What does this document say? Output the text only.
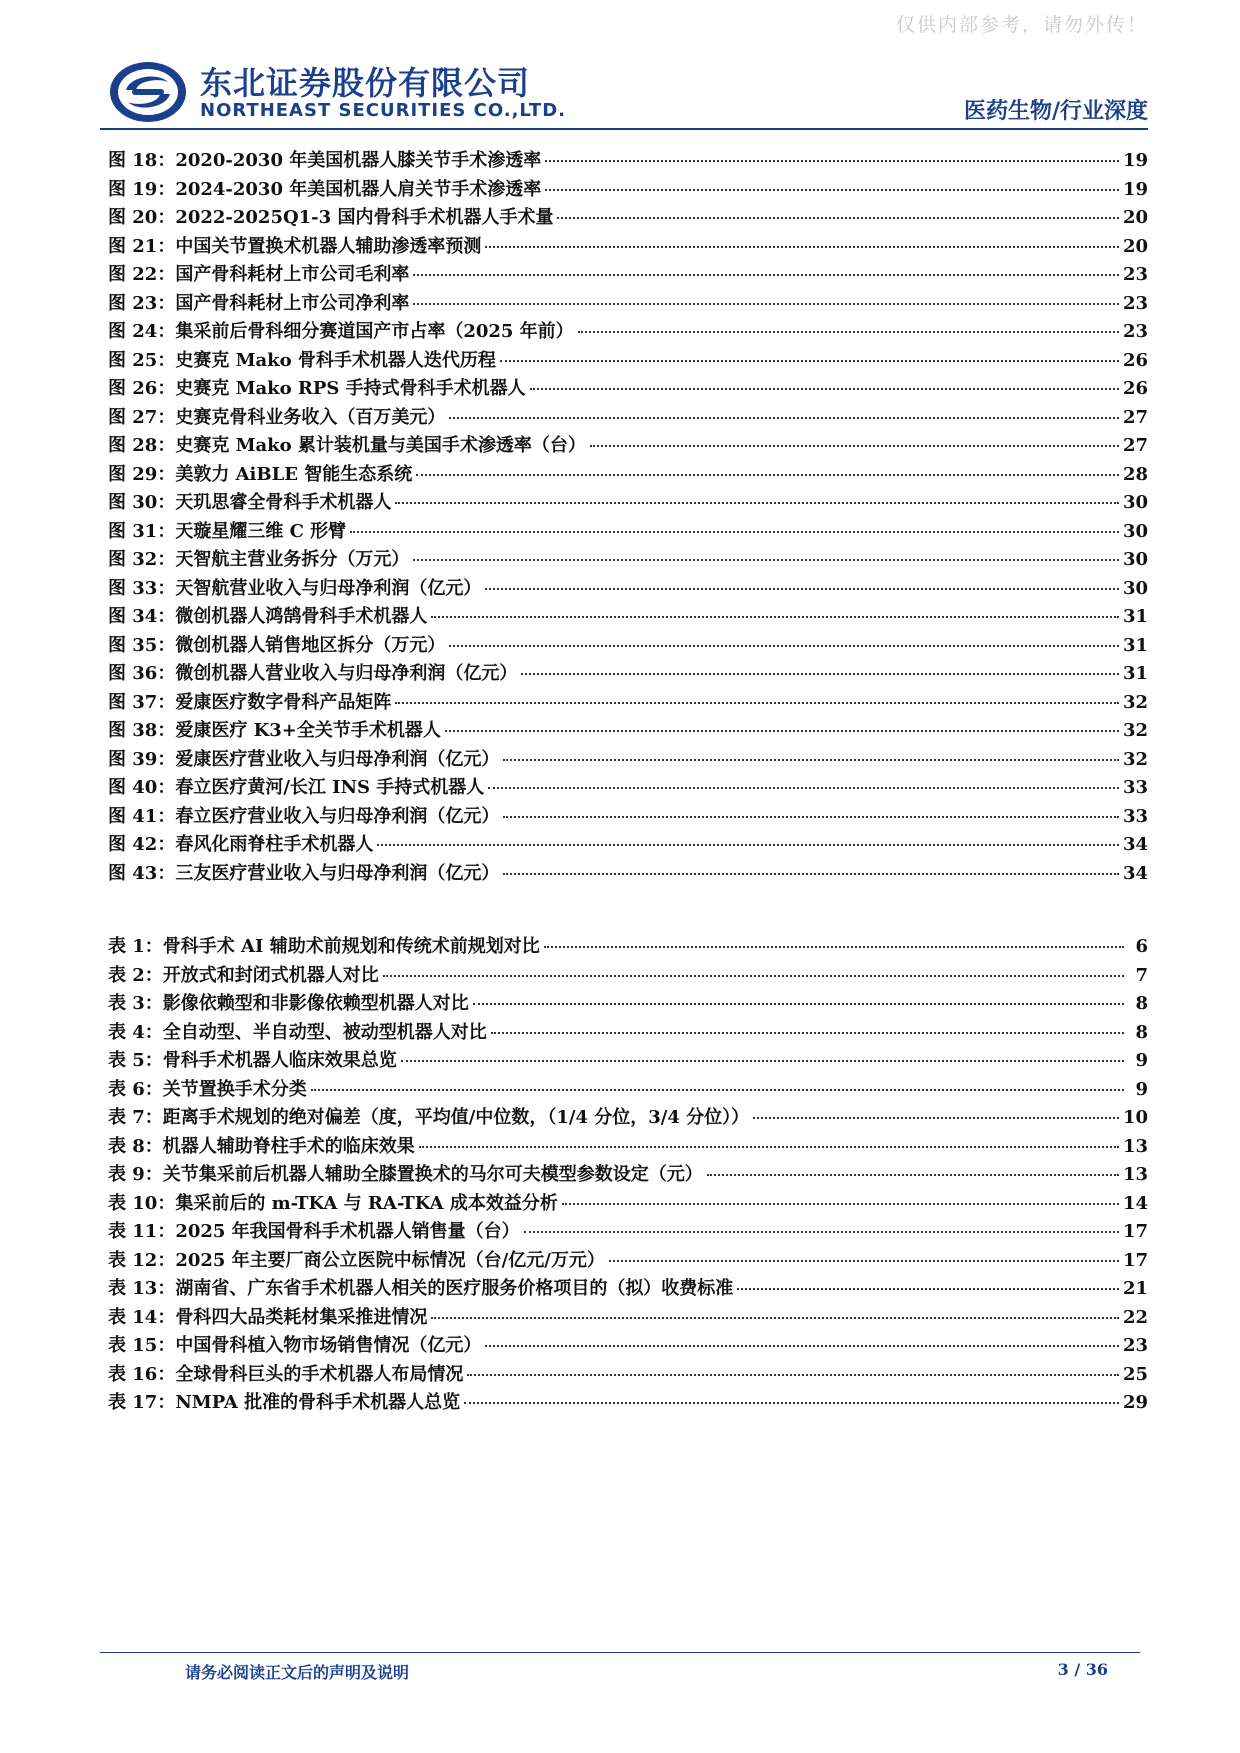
仅供内部参考，请勿外传！
东北证券股份有限公司
NORTHEAST SECURITIES CO.,LTD.	医药生物/行业深度
图 18：2020-2030 年美国机器人膝关节手术渗透率	19
图 19：2024-2030 年美国机器人肩关节手术渗透率	19
图 20：2022-2025Q1-3 国内骨科手术机器人手术量	20
图 21：中国关节置换术机器人辅助渗透率预测	20
图 22：国产骨科耗材上市公司毛利率	23
图 23：国产骨科耗材上市公司净利率	23
图 24：集采前后骨科细分赛道国产市占率（2025 年前）	23
图 25：史赛克 Mako 骨科手术机器人迭代历程	26
图 26：史赛克 Mako RPS 手持式骨科手术机器人	26
图 27：史赛克骨科业务收入（百万美元）	27
图 28：史赛克 Mako 累计装机量与美国手术渗透率（台）	27
图 29：美敦力 AiBLE 智能生态系统	28
图 30：天玑思睿全骨科手术机器人	30
图 31：天璇星耀三维 C 形臂	30
图 32：天智航主营业务拆分（万元）	30
图 33：天智航营业收入与归母净利润（亿元）	30
图 34：微创机器人鸿鹄骨科手术机器人	31
图 35：微创机器人销售地区拆分（万元）	31
图 36：微创机器人营业收入与归母净利润（亿元）	31
图 37：爱康医疗数字骨科产品矩阵	32
图 38：爱康医疗 K3+全关节手术机器人	32
图 39：爱康医疗营业收入与归母净利润（亿元）	32
图 40：春立医疗黄河/长江 INS 手持式机器人	33
图 41：春立医疗营业收入与归母净利润（亿元）	33
图 42：春风化雨脊柱手术机器人	34
图 43：三友医疗营业收入与归母净利润（亿元）	34
表 1：骨科手术 AI 辅助术前规划和传统术前规划对比	6
表 2：开放式和封闭式机器人对比	7
表 3：影像依赖型和非影像依赖型机器人对比	8
表 4：全自动型、半自动型、被动型机器人对比	8
表 5：骨科手术机器人临床效果总览	9
表 6：关节置换手术分类	9
表 7：距离手术规划的绝对偏差（度，平均值/中位数，（1/4 分位，3/4 分位））	10
表 8：机器人辅助脊柱手术的临床效果	13
表 9：关节集采前后机器人辅助全膝置换术的马尔可夫模型参数设定（元）	13
表 10：集采前后的 m-TKA 与 RA-TKA 成本效益分析	14
表 11：2025 年我国骨科手术机器人销售量（台）	17
表 12：2025 年主要厂商公立医院中标情况（台/亿元/万元）	17
表 13：湖南省、广东省手术机器人相关的医疗服务价格项目的（拟）收费标准	21
表 14：骨科四大品类耗材集采推进情况	22
表 15：中国骨科植入物市场销售情况（亿元）	23
表 16：全球骨科巨头的手术机器人布局情况	25
表 17：NMPA 批准的骨科手术机器人总览	29
请务必阅读正文后的声明及说明	3 / 36
